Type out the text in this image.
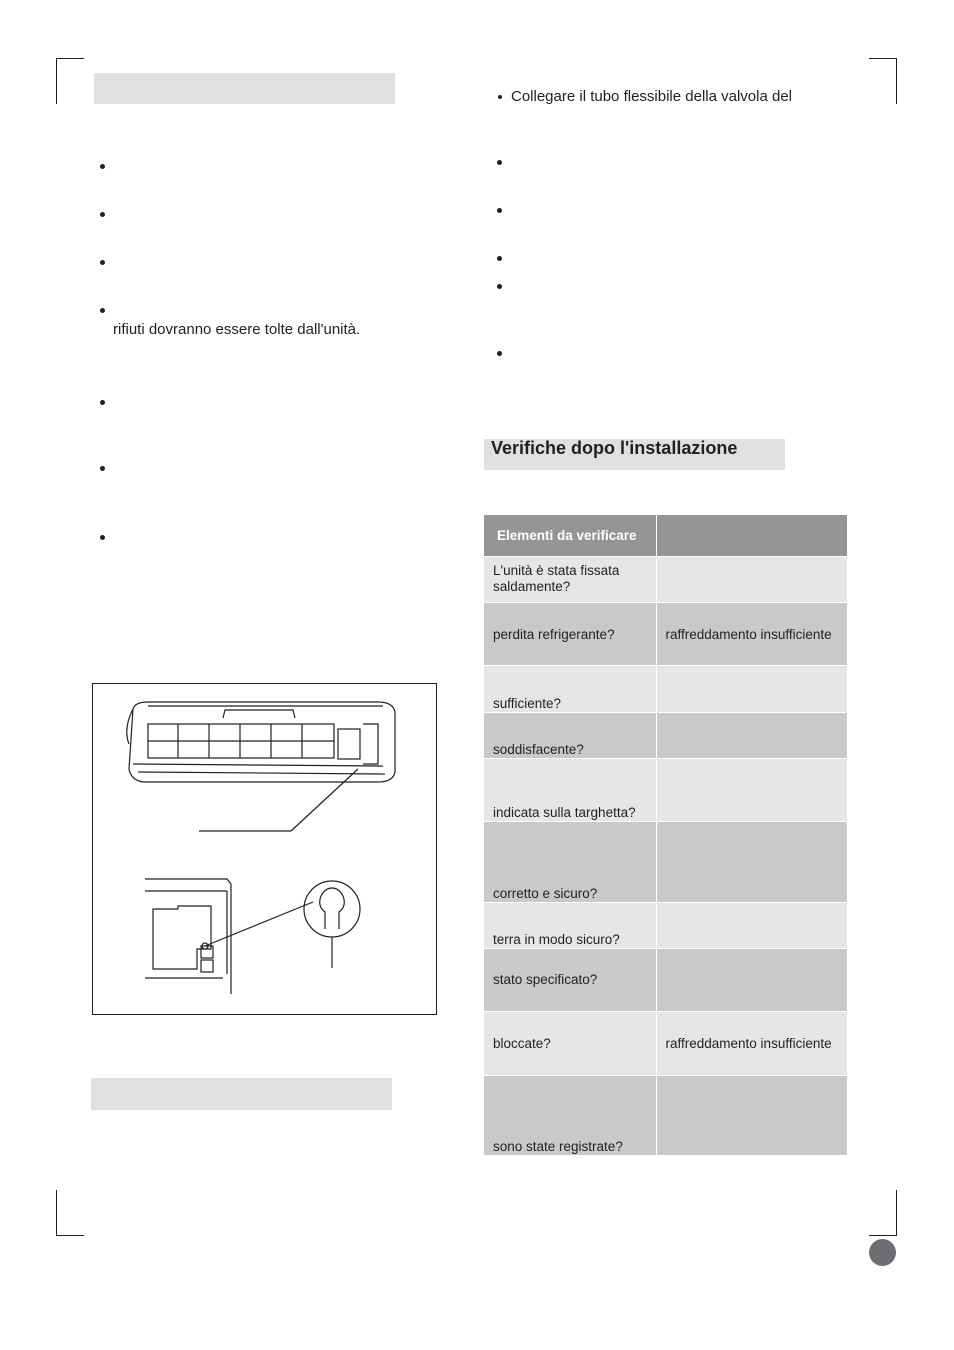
rifiuti dovranno essere tolte dall'unità.
Collegare il tubo flessibile della valvola del
Verifiche dopo l'installazione
Elementi da verificare	
L'unità è stata fissata
saldamente?	
perdita refrigerante?	raffreddamento insufficiente
sufficiente?	
soddisfacente?	
indicata sulla targhetta?	
corretto e sicuro?	
terra in modo sicuro?	
stato specificato?	
bloccate?	raffreddamento insufficiente
sono state registrate?	
